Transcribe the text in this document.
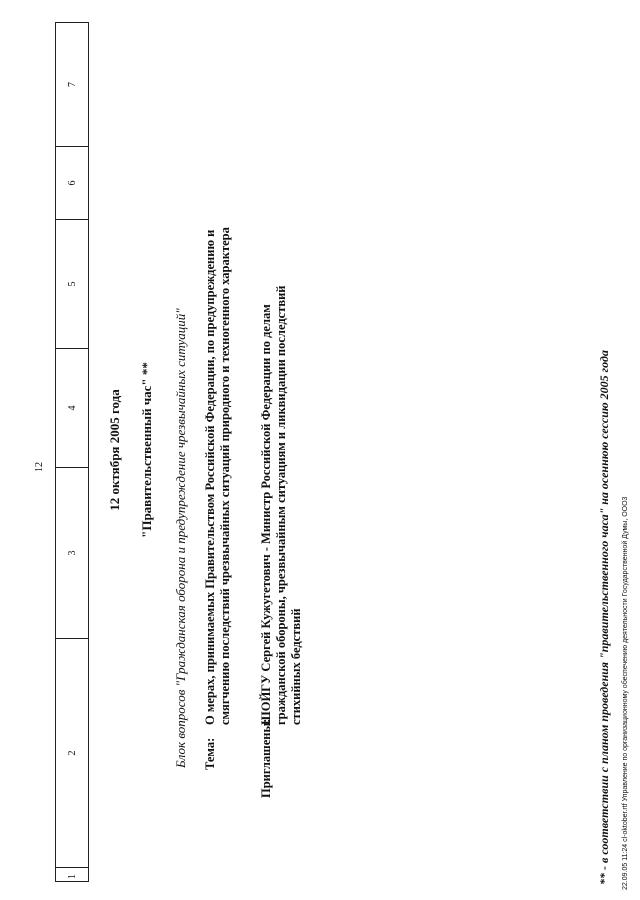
12
1	2	3	4	5	6	7
12 октября 2005 года "Правительственный час" ** Блок вопросов "Гражданская оборона и предупреждение чрезвычайных ситуаций" Тема:
О мерах, принимаемых Правительством Российской Федерации, по предупреждению и смягчению последствий чрезвычайных ситуаций природного и техногенного характера
Приглашены:
ШОЙГУ Сергей Кужугетович - Министр Российской Федерации по делам гражданской обороны, чрезвычайным ситуациям и ликвидации последствий стихийных бедствий	** - в соответствии с планом проведения "правительственного часа" на осеннюю сессию 2005 года 22.09.05 11:24 cl-oktober.rtf Управление по организационному обеспечению деятельности Государственной Думы, ООО3
